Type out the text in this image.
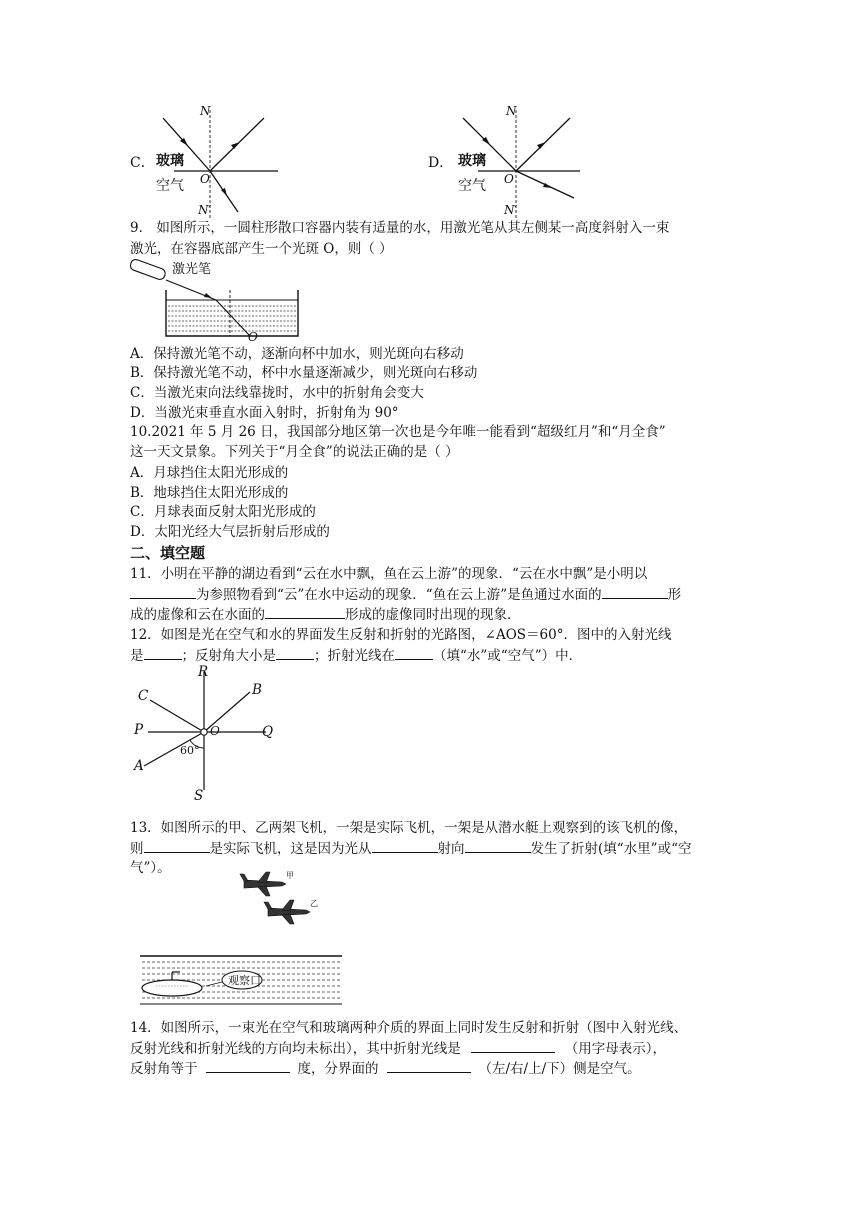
C．
N
玻璃
空气 O
N′
D．
N
玻璃
空气 O
N′
9． 如图所示，一圆柱形散口容器内装有适量的水，用激光笔从其左侧某一高度斜射入一束
激光，在容器底部产生一个光斑 O，则（ ）
激光笔
O
A．保持激光笔不动，逐渐向杯中加水，则光斑向右移动
B．保持激光笔不动，杯中水量逐渐减少，则光斑向右移动
C．当激光束向法线靠拢时，水中的折射角会变大
D．当激光束垂直水面入射时，折射角为 90°
10.2021 年 5 月 26 日，我国部分地区第一次也是今年唯一能看到“超级红月”和“月全食”
这一天文景象。下列关于“月全食”的说法正确的是（ ）
A．月球挡住太阳光形成的
B．地球挡住太阳光形成的
C．月球表面反射太阳光形成的
D．太阳光经大气层折射后形成的
二、填空题
11．小明在平静的湖边看到“云在水中飘，鱼在云上游”的现象．“云在水中飘”是小明以
为参照物看到“云”在水中运动的现象．“鱼在云上游”是鱼通过水面的	形
成的虚像和云在水面的	形成的虚像同时出现的现象．
12．如图是光在空气和水的界面发生反射和折射的光路图，∠AOS＝60°．图中的入射光线
是	；反射角大小是	；折射光线在	（填“水”或“空气”）中．
R
B
C
P	O	Q
60°
A
S
13．如图所示的甲、乙两架飞机，一架是实际飞机，一架是从潜水艇上观察到的该飞机的像，
则	是实际飞机，这是因为光从	射向	发生了折射(填“水里”或“空
气”）。	甲
乙
观察口
14．如图所示，一束光在空气和玻璃两种介质的界面上同时发生反射和折射（图中入射光线、
反射光线和折射光线的方向均未标出），其中折射光线是	（用字母表示），
反射角等于	度，分界面的	（左/右/上/下）侧是空气。
